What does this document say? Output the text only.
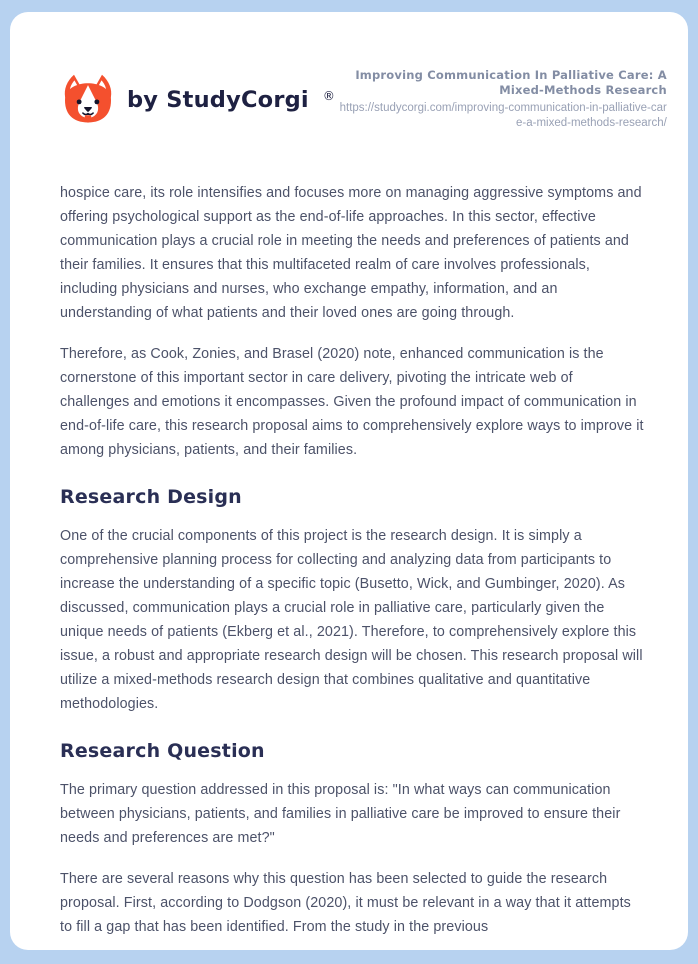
by StudyCorgi ®
Improving Communication In Palliative Care: A Mixed-Methods Research
https://studycorgi.com/improving-communication-in-palliative-care-a-mixed-methods-research/

hospice care, its role intensifies and focuses more on managing aggressive symptoms and offering psychological support as the end-of-life approaches. In this sector, effective communication plays a crucial role in meeting the needs and preferences of patients and their families. It ensures that this multifaceted realm of care involves professionals, including physicians and nurses, who exchange empathy, information, and an understanding of what patients and their loved ones are going through.

Therefore, as Cook, Zonies, and Brasel (2020) note, enhanced communication is the cornerstone of this important sector in care delivery, pivoting the intricate web of challenges and emotions it encompasses. Given the profound impact of communication in end-of-life care, this research proposal aims to comprehensively explore ways to improve it among physicians, patients, and their families.

Research Design

One of the crucial components of this project is the research design. It is simply a comprehensive planning process for collecting and analyzing data from participants to increase the understanding of a specific topic (Busetto, Wick, and Gumbinger, 2020). As discussed, communication plays a crucial role in palliative care, particularly given the unique needs of patients (Ekberg et al., 2021). Therefore, to comprehensively explore this issue, a robust and appropriate research design will be chosen. This research proposal will utilize a mixed-methods research design that combines qualitative and quantitative methodologies.

Research Question

The primary question addressed in this proposal is: "In what ways can communication between physicians, patients, and families in palliative care be improved to ensure their needs and preferences are met?"

There are several reasons why this question has been selected to guide the research proposal. First, according to Dodgson (2020), it must be relevant in a way that it attempts to fill a gap that has been identified. From the study in the previous
